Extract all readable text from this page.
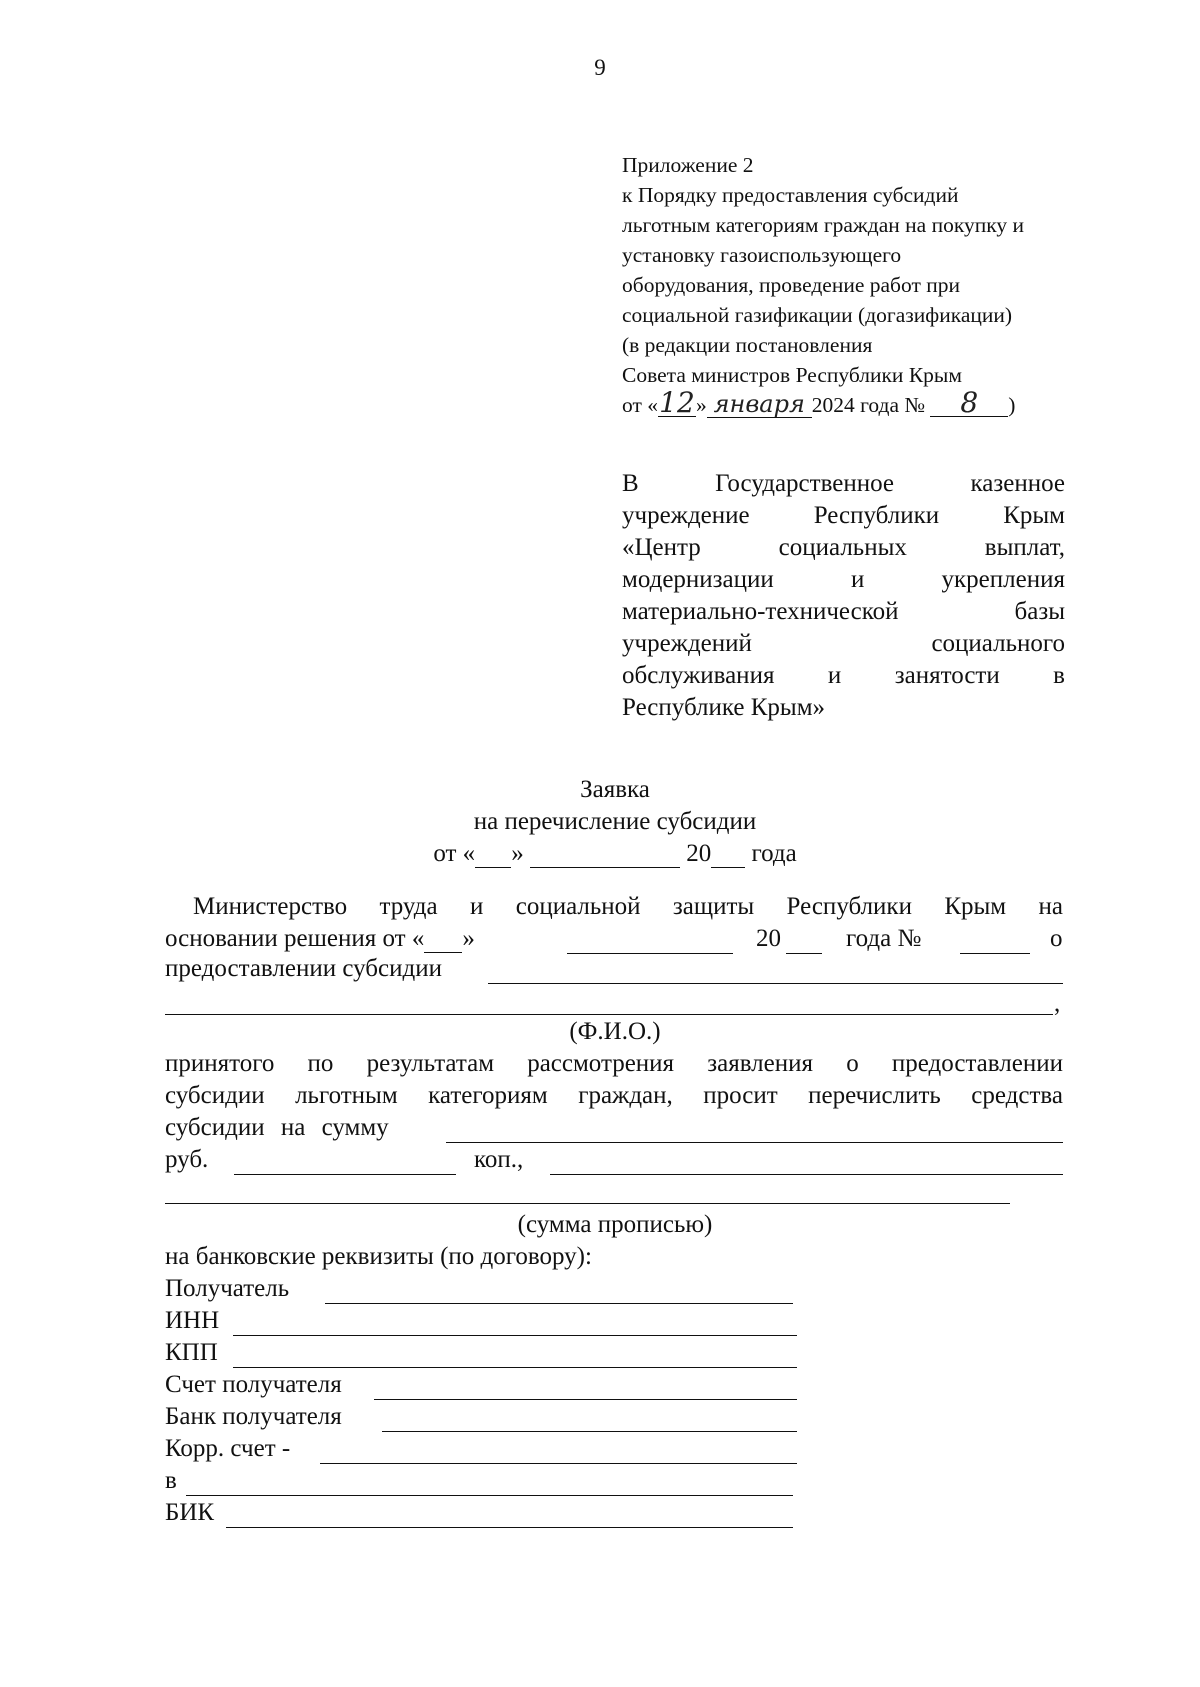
9
Приложение 2
к Порядку предоставления субсидий
льготным категориям граждан на покупку и
установку газоиспользующего
оборудования, проведение работ при
социальной газификации (догазификации)
(в редакции постановления
Совета министров Республики Крым
от «12» января 2024 года № 8 )
В	Государственное	казенное
учреждение	Республики	Крым
«Центр	социальных	выплат,
модернизации	и	укрепления
материально-технической	базы
учреждений	социального
обслуживания и занятости в
Республике Крым»
Заявка
на перечисление субсидии
от « »	20 года
Министерство труда и социальной защиты Республики Крым на
основании решения от « »	20	года №	о
предоставлении субсидии
,
(Ф.И.О.)
принятого по результатам рассмотрения заявления о предоставлении
субсидии льготным категориям граждан, просит перечислить средства
субсидии на сумму
руб.	коп.,
(сумма прописью)
на банковские реквизиты (по договору):
Получатель
ИНН
КПП
Счет получателя
Банк получателя
Корр. счет -
в
БИК
